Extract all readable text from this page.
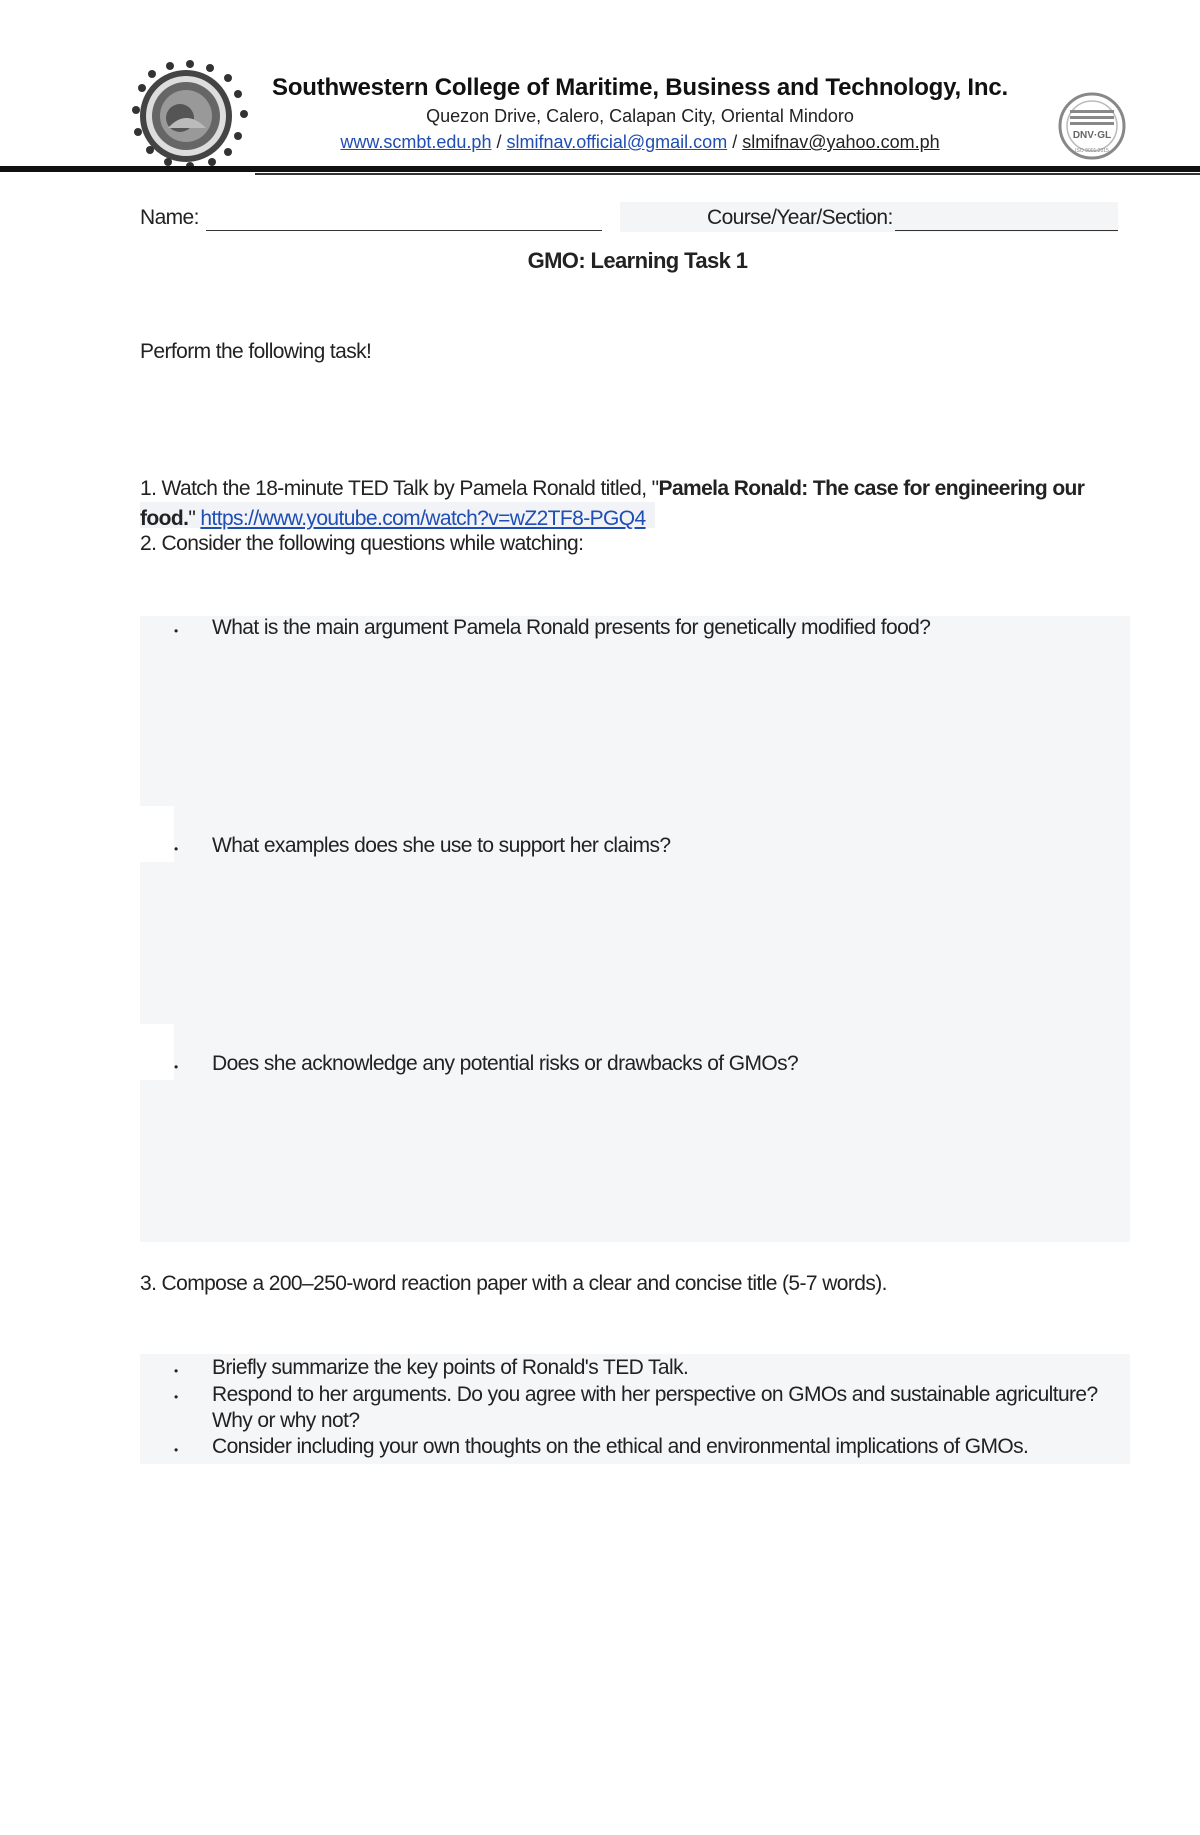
Southwestern College of Maritime, Business and Technology, Inc.
Quezon Drive, Calero, Calapan City, Oriental Mindoro
www.scmbt.edu.ph / slmifnav.official@gmail.com / slmifnav@yahoo.com.ph	DNV·GL
ISO 9001:2015
Name:	Course/Year/Section:
GMO: Learning Task 1
Perform the following task!
1. Watch the 18-minute TED Talk by Pamela Ronald titled, "Pamela Ronald: The case for engineering our food." https://www.youtube.com/watch?v=wZ2TF8-PGQ4
2. Consider the following questions while watching:
• What is the main argument Pamela Ronald presents for genetically modified food?
• What examples does she use to support her claims?
• Does she acknowledge any potential risks or drawbacks of GMOs?
3. Compose a 200–250-word reaction paper with a clear and concise title (5-7 words).
• Briefly summarize the key points of Ronald's TED Talk.
• Respond to her arguments. Do you agree with her perspective on GMOs and sustainable agriculture? Why or why not?
• Consider including your own thoughts on the ethical and environmental implications of GMOs.
